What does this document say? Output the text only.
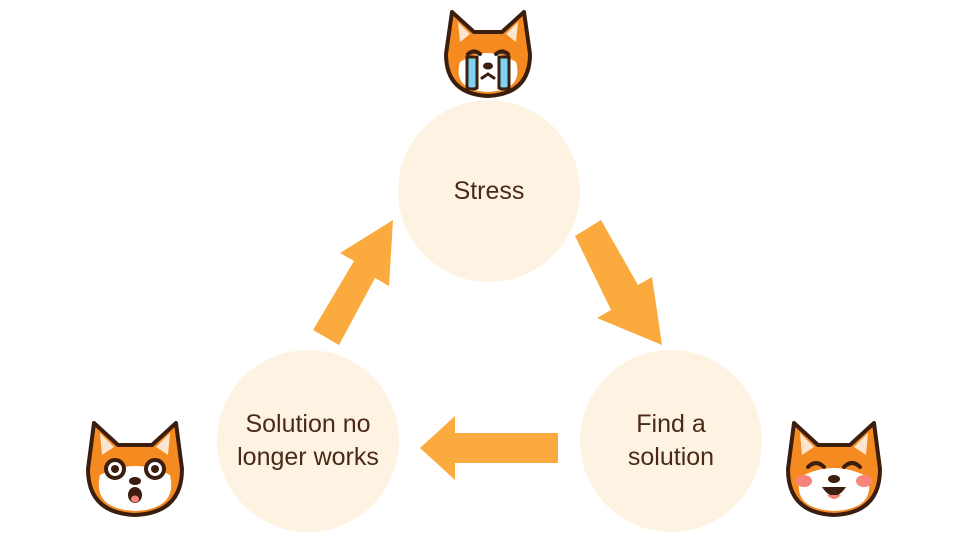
Stress
Find a
solution
Solution no
longer works
